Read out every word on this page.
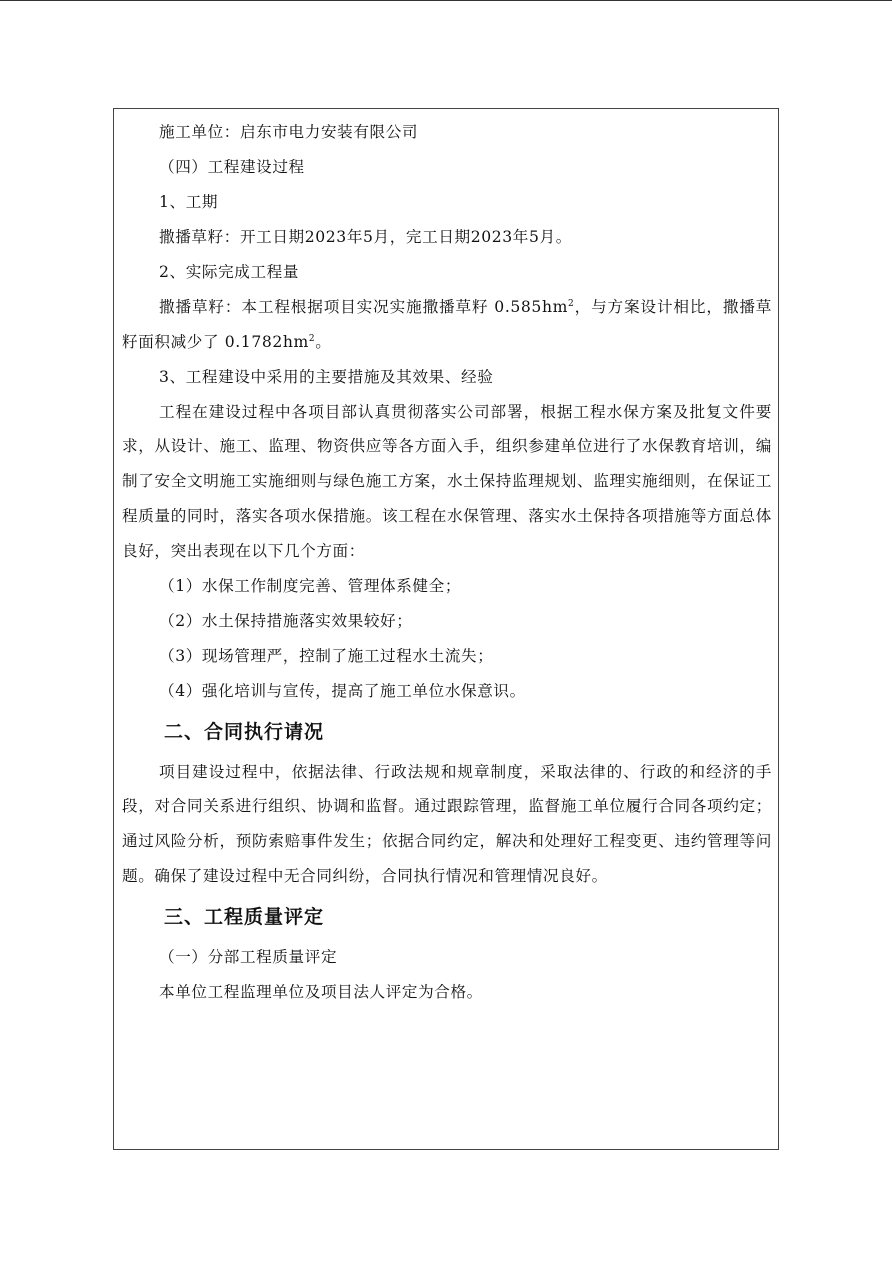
施工单位：启东市电力安装有限公司
（四）工程建设过程
1、工期
撒播草籽：开工日期2023年5月，完工日期2023年5月。
2、实际完成工程量

撒播草籽：本工程根据项目实况实施撒播草籽 $0.585hm^2$，与方案设计相比，撒播草籽面积减少了 $0.1782hm^2$。

3、工程建设中采用的主要措施及其效果、经验

工程在建设过程中各项目部认真贯彻落实公司部署，根据工程水保方案及批复文件要求，从设计、施工、监理、物资供应等各方面入手，组织参建单位进行了水保教育培训，编制了安全文明施工实施细则与绿色施工方案，水土保持监理规划、监理实施细则，在保证工程质量的同时，落实各项水保措施。该工程在水保管理、落实水土保持各项措施等方面总体良好，突出表现在以下几个方面：

（1）水保工作制度完善、管理体系健全；
（2）水土保持措施落实效果较好；
（3）现场管理严，控制了施工过程水土流失；
（4）强化培训与宣传，提高了施工单位水保意识。
二、合同执行请况

项目建设过程中，依据法律、行政法规和规章制度，采取法律的、行政的和经济的手段，对合同关系进行组织、协调和监督。通过跟踪管理，监督施工单位履行合同各项约定；通过风险分析，预防索赔事件发生；依据合同约定，解决和处理好工程变更、违约管理等问题。确保了建设过程中无合同纠纷，合同执行情况和管理情况良好。

三、工程质量评定
（一）分部工程质量评定
本单位工程监理单位及项目法人评定为合格。
